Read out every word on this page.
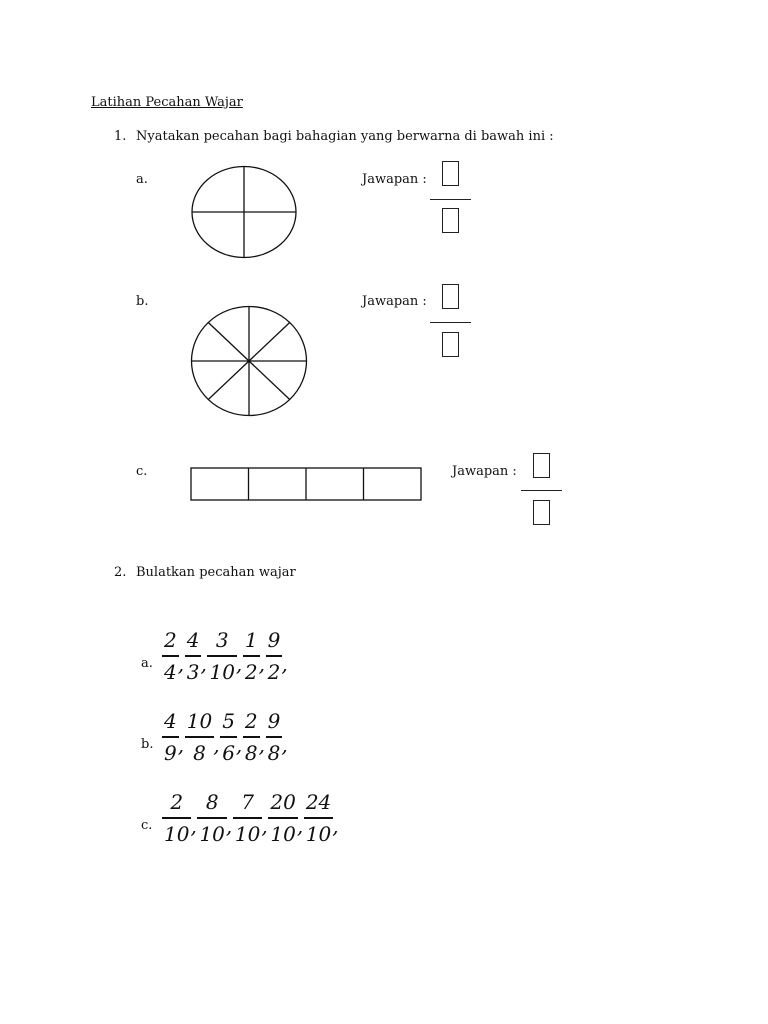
Latihan Pecahan Wajar
1. Nyatakan pecahan bagi bahagian yang berwarna di bawah ini :
a.	Jawapan :
b.	Jawapan :
c.	Jawapan :
2. Bulatkan pecahan wajar
a.
b.
c.
2
4 ,
4
3 ,
3
10 ,
1
2 ,
9
2 ,
4
9 ,
10
8 ,
5
6 ,
2
8 ,
9
8 ,
2
10 ,
8
10 ,
7
10 ,
20
10 ,
24
10 ,
